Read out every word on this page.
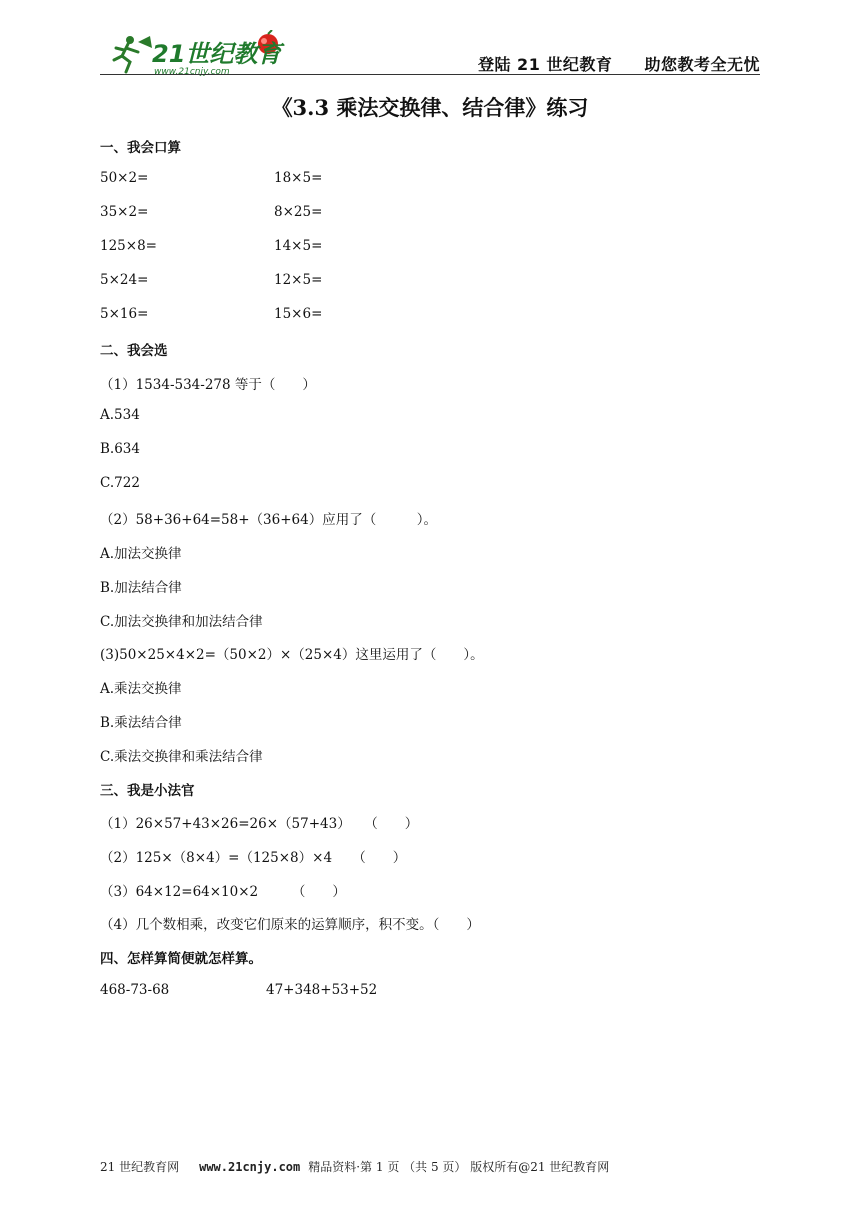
21世纪教育
www.21cnjy.com	登陆 21 世纪教育 助您教考全无忧
《3.3 乘法交换律、结合律》练习
一、我会口算
50×2=	18×5=
35×2=	8×25=
125×8=	14×5=
5×24=	12×5=
5×16=	15×6=
二、我会选
（1）1534-534-278 等于（　　）
A.534
B.634
C.722
（2）58+36+64=58+（36+64）应用了（　　　）。
A.加法交换律
B.加法结合律
C.加法交换律和加法结合律
(3)50×25×4×2=（50×2）×（25×4）这里运用了（　　）。
A.乘法交换律
B.乘法结合律
C.乘法交换律和乘法结合律
三、我是小法官
（1）26×57+43×26=26×（57+43）　　（　　）
（2）125×（8×4）=（125×8）×4　　（　　）
（3）64×12=64×10×2　　　（　　）
（4）几个数相乘，改变它们原来的运算顺序，积不变。（　　）
四、怎样算简便就怎样算。
468-73-68	47+348+53+52
21 世纪教育网 www.21cnjy.com 精品资料·第 1 页 （共 5 页） 版权所有@21 世纪教育网
